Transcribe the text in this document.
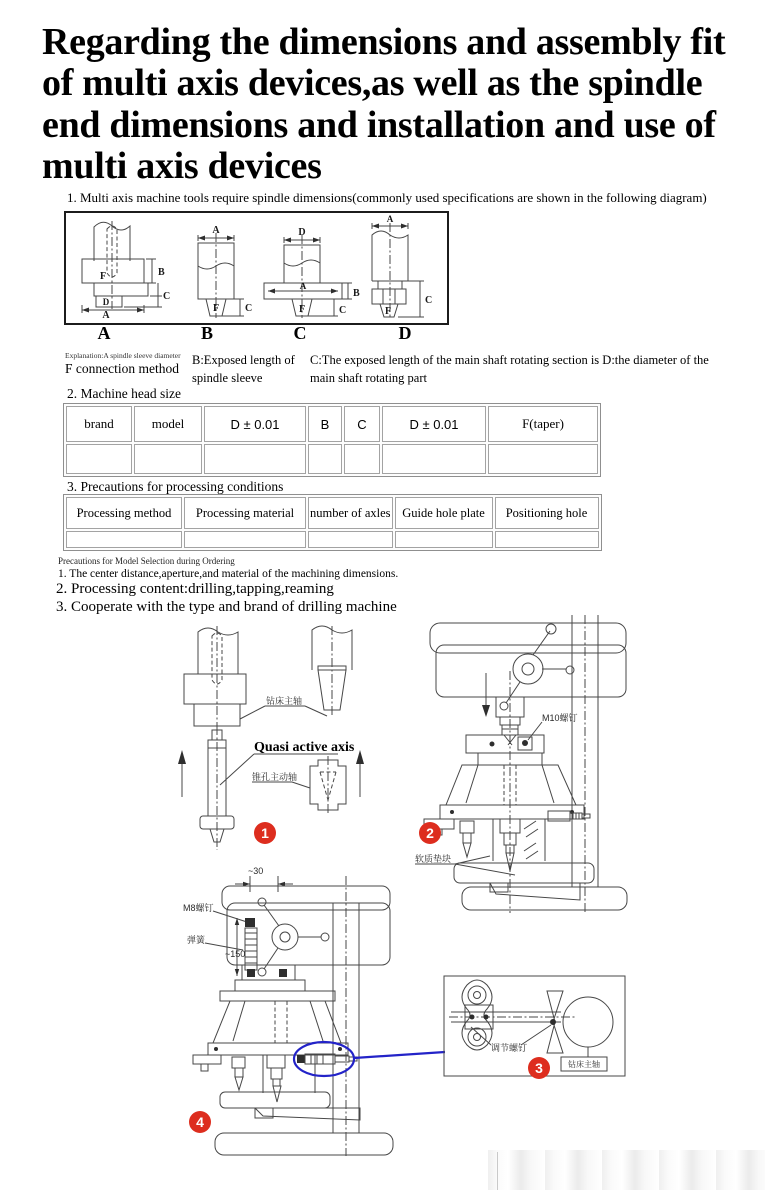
Regarding the dimensions and assembly fit of multi axis devices,as well as the spindle end dimensions and installation and use of multi axis devices
1. Multi axis machine tools require spindle dimensions(commonly used specifications are shown in the following diagram)
B
C
F
D
A
A
F	C
D
A
B
F	C
A
F
C
A	B	C	D
Explanation:A spindle sleeve diameter
F connection method
B:Exposed length of spindle sleeve
C:The exposed length of the main shaft rotating section is D:the diameter of the main shaft rotating part
2. Machine head size
brand	model	D ± 0.01	B	C	D ± 0.01	F(taper)

3. Precautions for processing conditions
Processing method	Processing material	number of axles	Guide hole plate	Positioning hole

Precautions for Model Selection during Ordering
1. The center distance,aperture,and material of the machining dimensions.
2. Processing content:drilling,tapping,reaming
3. Cooperate with the type and brand of drilling machine
钻床主轴
Quasi active axis
锥孔主动轴
M10螺钉
软质垫块
~30
M8螺钉
弹簧
~150
调节螺钉
钻床主轴
1	2
3
4
